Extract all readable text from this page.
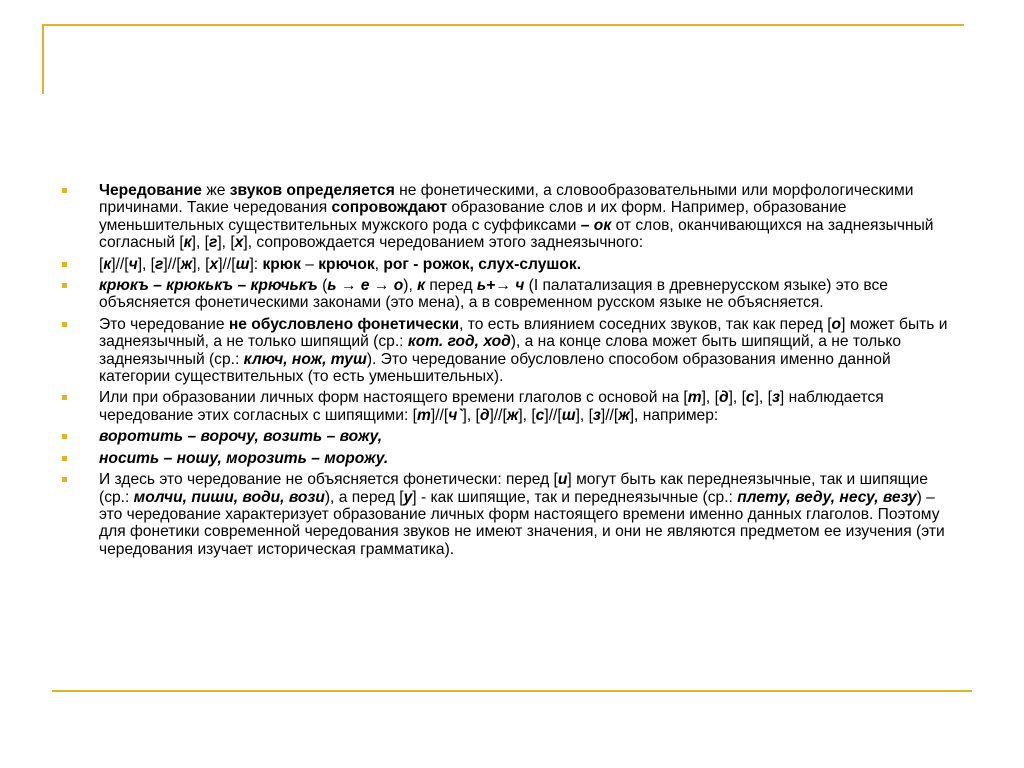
Чередование же звуков определяется не фонетическими, а словообразовательными или морфологическими причинами. Такие чередования сопровождают образование слов и их форм. Например, образование уменьшительных существительных мужского рода с суффиксами – ок от слов, оканчивающихся на заднеязычный согласный [к], [г], [х], сопровождается чередованием этого заднеязычного:
[к]//[ч], [г]//[ж], [х]//[ш]: крюк – крючок, рог - рожок, слух-слушок.
крюкъ – крюкькъ – крючькъ (ь → е → о), к перед ь+→ ч (I палатализация в древнерусском языке) это все объясняется фонетическими законами (это мена), а в современном русском языке не объясняется.
Это чередование не обусловлено фонетически, то есть влиянием соседних звуков, так как перед [о] может быть и заднеязычный, а не только шипящий (ср.: кот. год, ход), а на конце слова может быть шипящий, а не только заднеязычный (ср.: ключ, нож, туш). Это чередование обусловлено способом образования именно данной категории существительных (то есть уменьшительных).
Или при образовании личных форм настоящего времени глаголов с основой на [т], [д], [с], [з] наблюдается чередование этих согласных с шипящими: [т]//[ч`], [д]//[ж], [с]//[ш], [з]//[ж], например:
воротить – ворочу, возить – вожу,
носить – ношу, морозить – морожу.
И здесь это чередование не объясняется фонетически: перед [и] могут быть как переднеязычные, так и шипящие (ср.: молчи, пиши, води, вози), а перед [у] - как шипящие, так и переднеязычные (ср.: плету, веду, несу, везу) – это чередование характеризует образование личных форм настоящего времени именно данных глаголов. Поэтому для фонетики современной чередования звуков не имеют значения, и они не являются предметом ее изучения (эти чередования изучает историческая грамматика).
